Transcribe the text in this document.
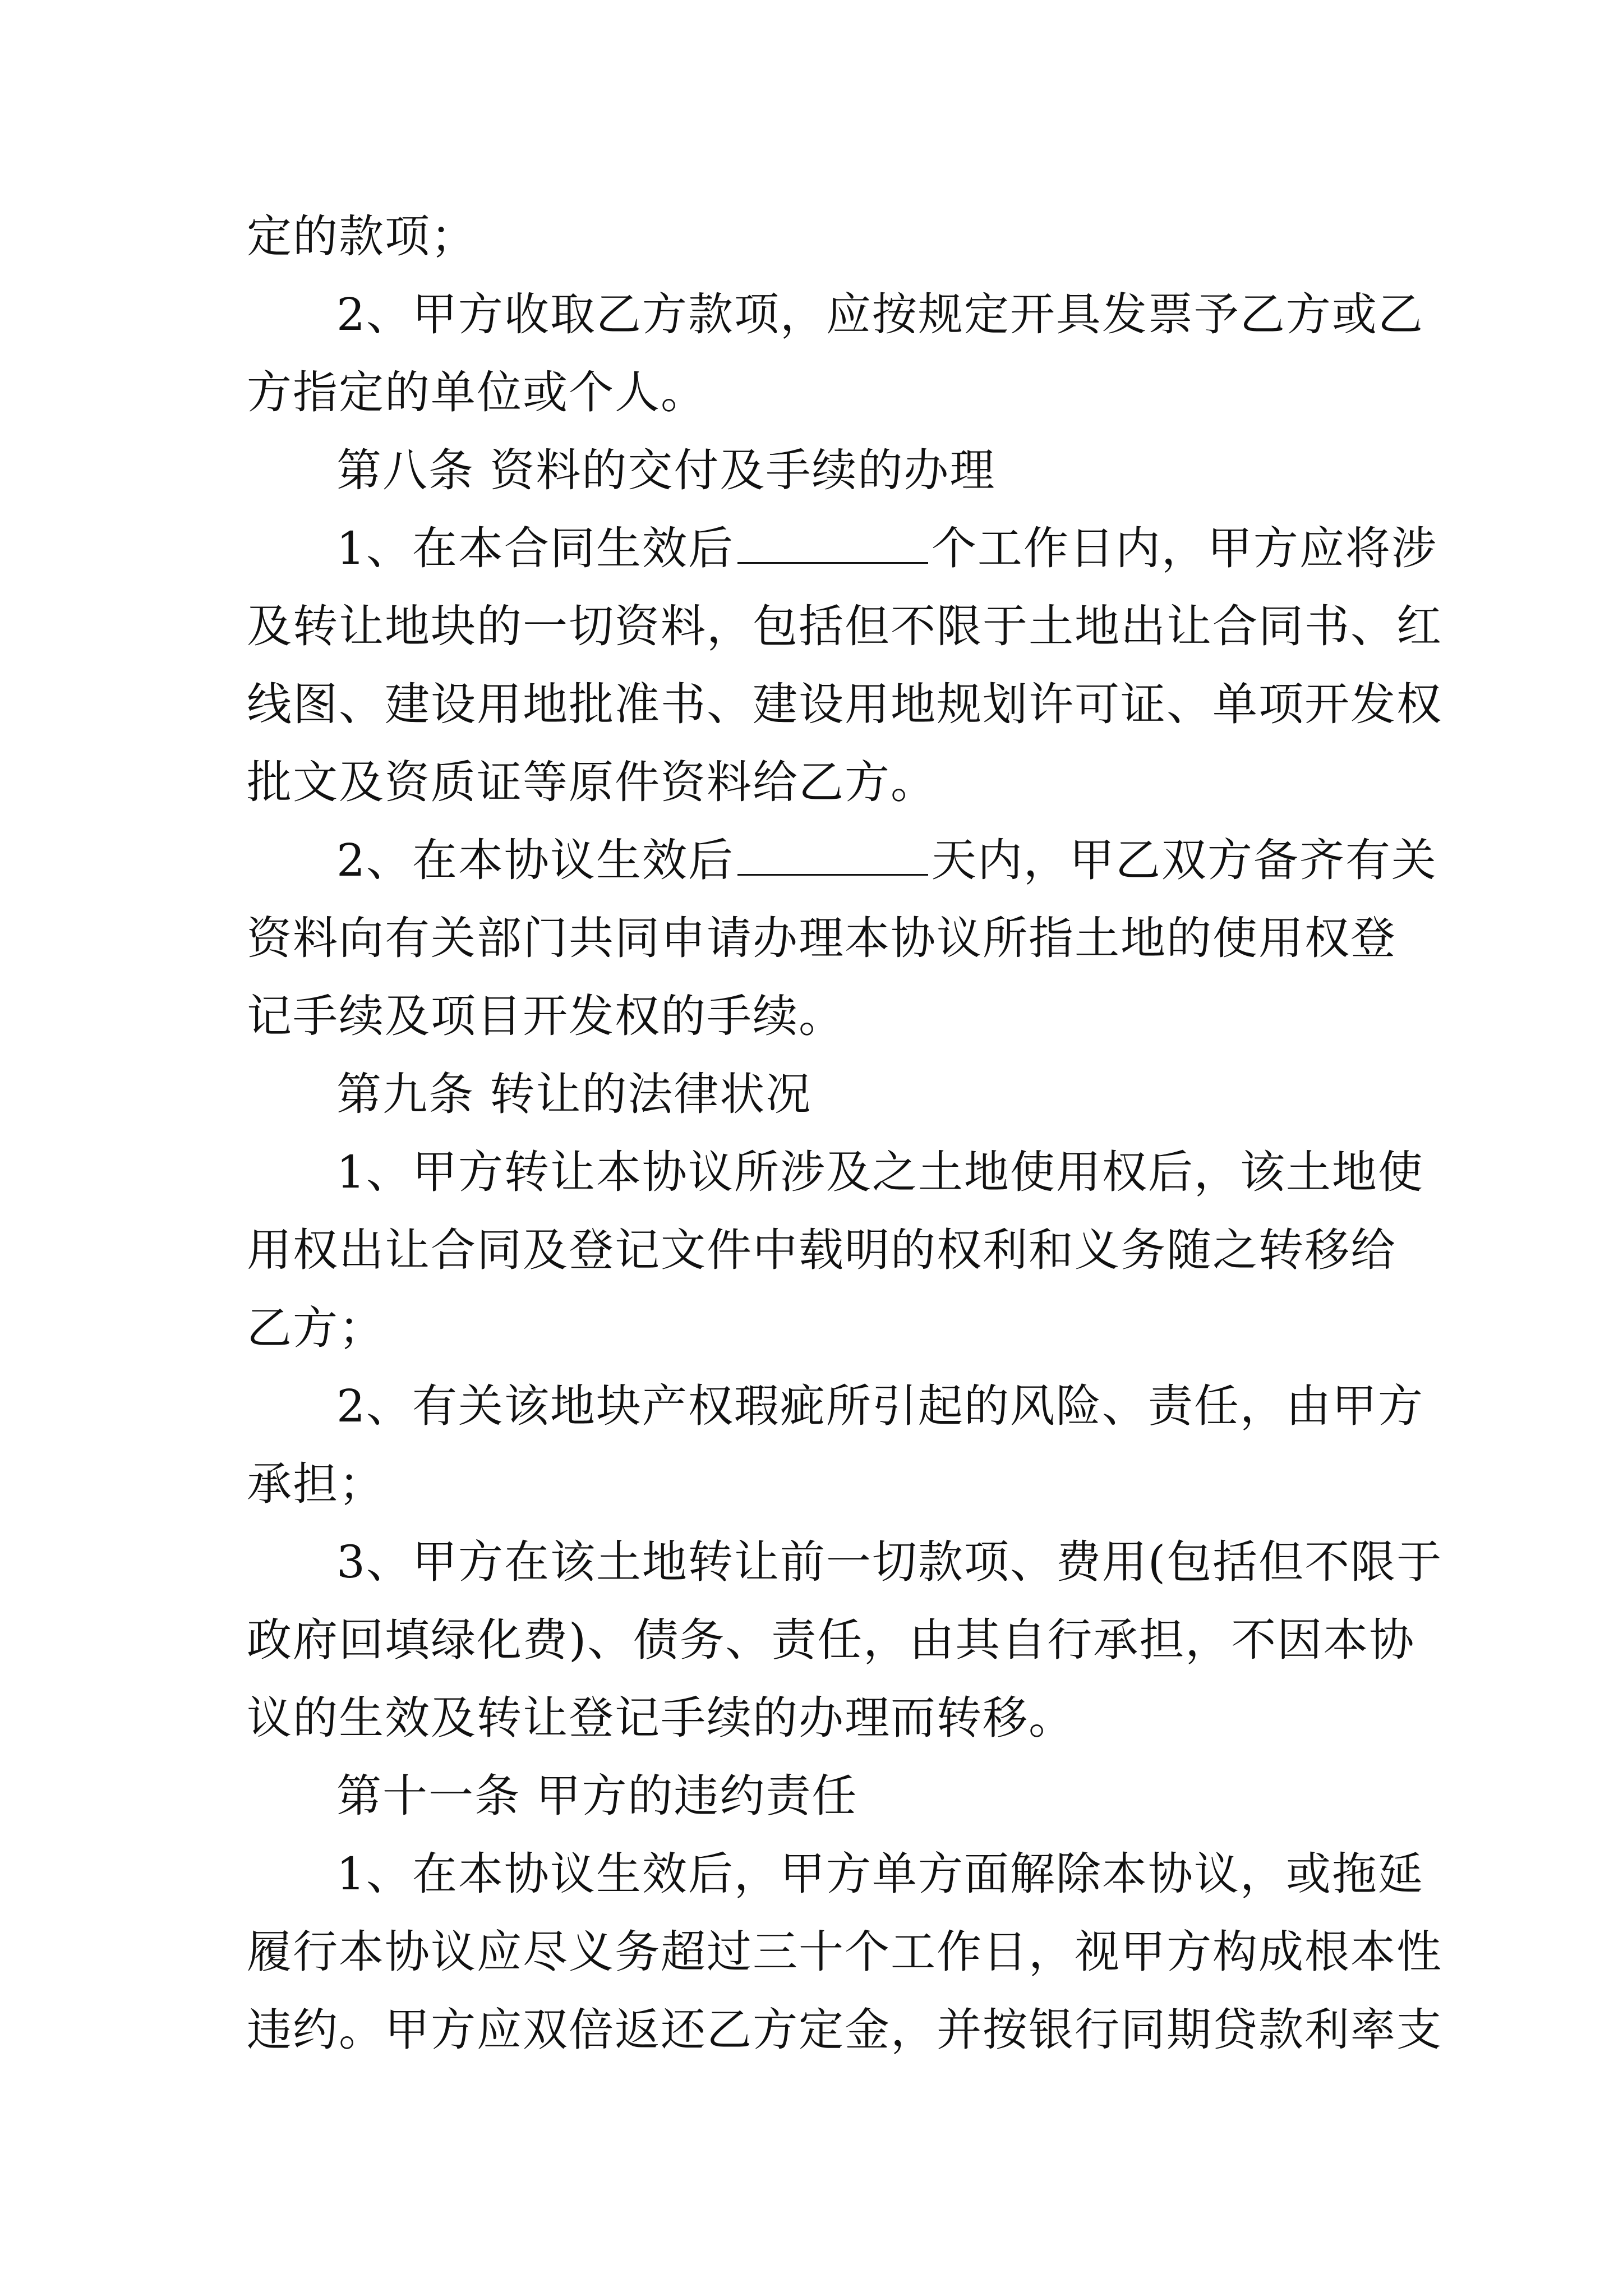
定的款项；
2、甲方收取乙方款项，应按规定开具发票予乙方或乙
方指定的单位或个人。
第八条 资料的交付及手续的办理
1、在本合同生效后	个工作日内，甲方应将涉
及转让地块的一切资料，包括但不限于土地出让合同书、红
线图、建设用地批准书、建设用地规划许可证、单项开发权
批文及资质证等原件资料给乙方。
2、在本协议生效后	天内，甲乙双方备齐有关
资料向有关部门共同申请办理本协议所指土地的使用权登
记手续及项目开发权的手续。
第九条 转让的法律状况
1、甲方转让本协议所涉及之土地使用权后，该土地使
用权出让合同及登记文件中载明的权利和义务随之转移给
乙方；
2、有关该地块产权瑕疵所引起的风险、责任，由甲方
承担；
3、甲方在该土地转让前一切款项、费用(包括但不限于
政府回填绿化费)、债务、责任，由其自行承担，不因本协
议的生效及转让登记手续的办理而转移。
第十一条 甲方的违约责任
1、在本协议生效后，甲方单方面解除本协议，或拖延
履行本协议应尽义务超过三十个工作日，视甲方构成根本性
违约。甲方应双倍返还乙方定金，并按银行同期贷款利率支
